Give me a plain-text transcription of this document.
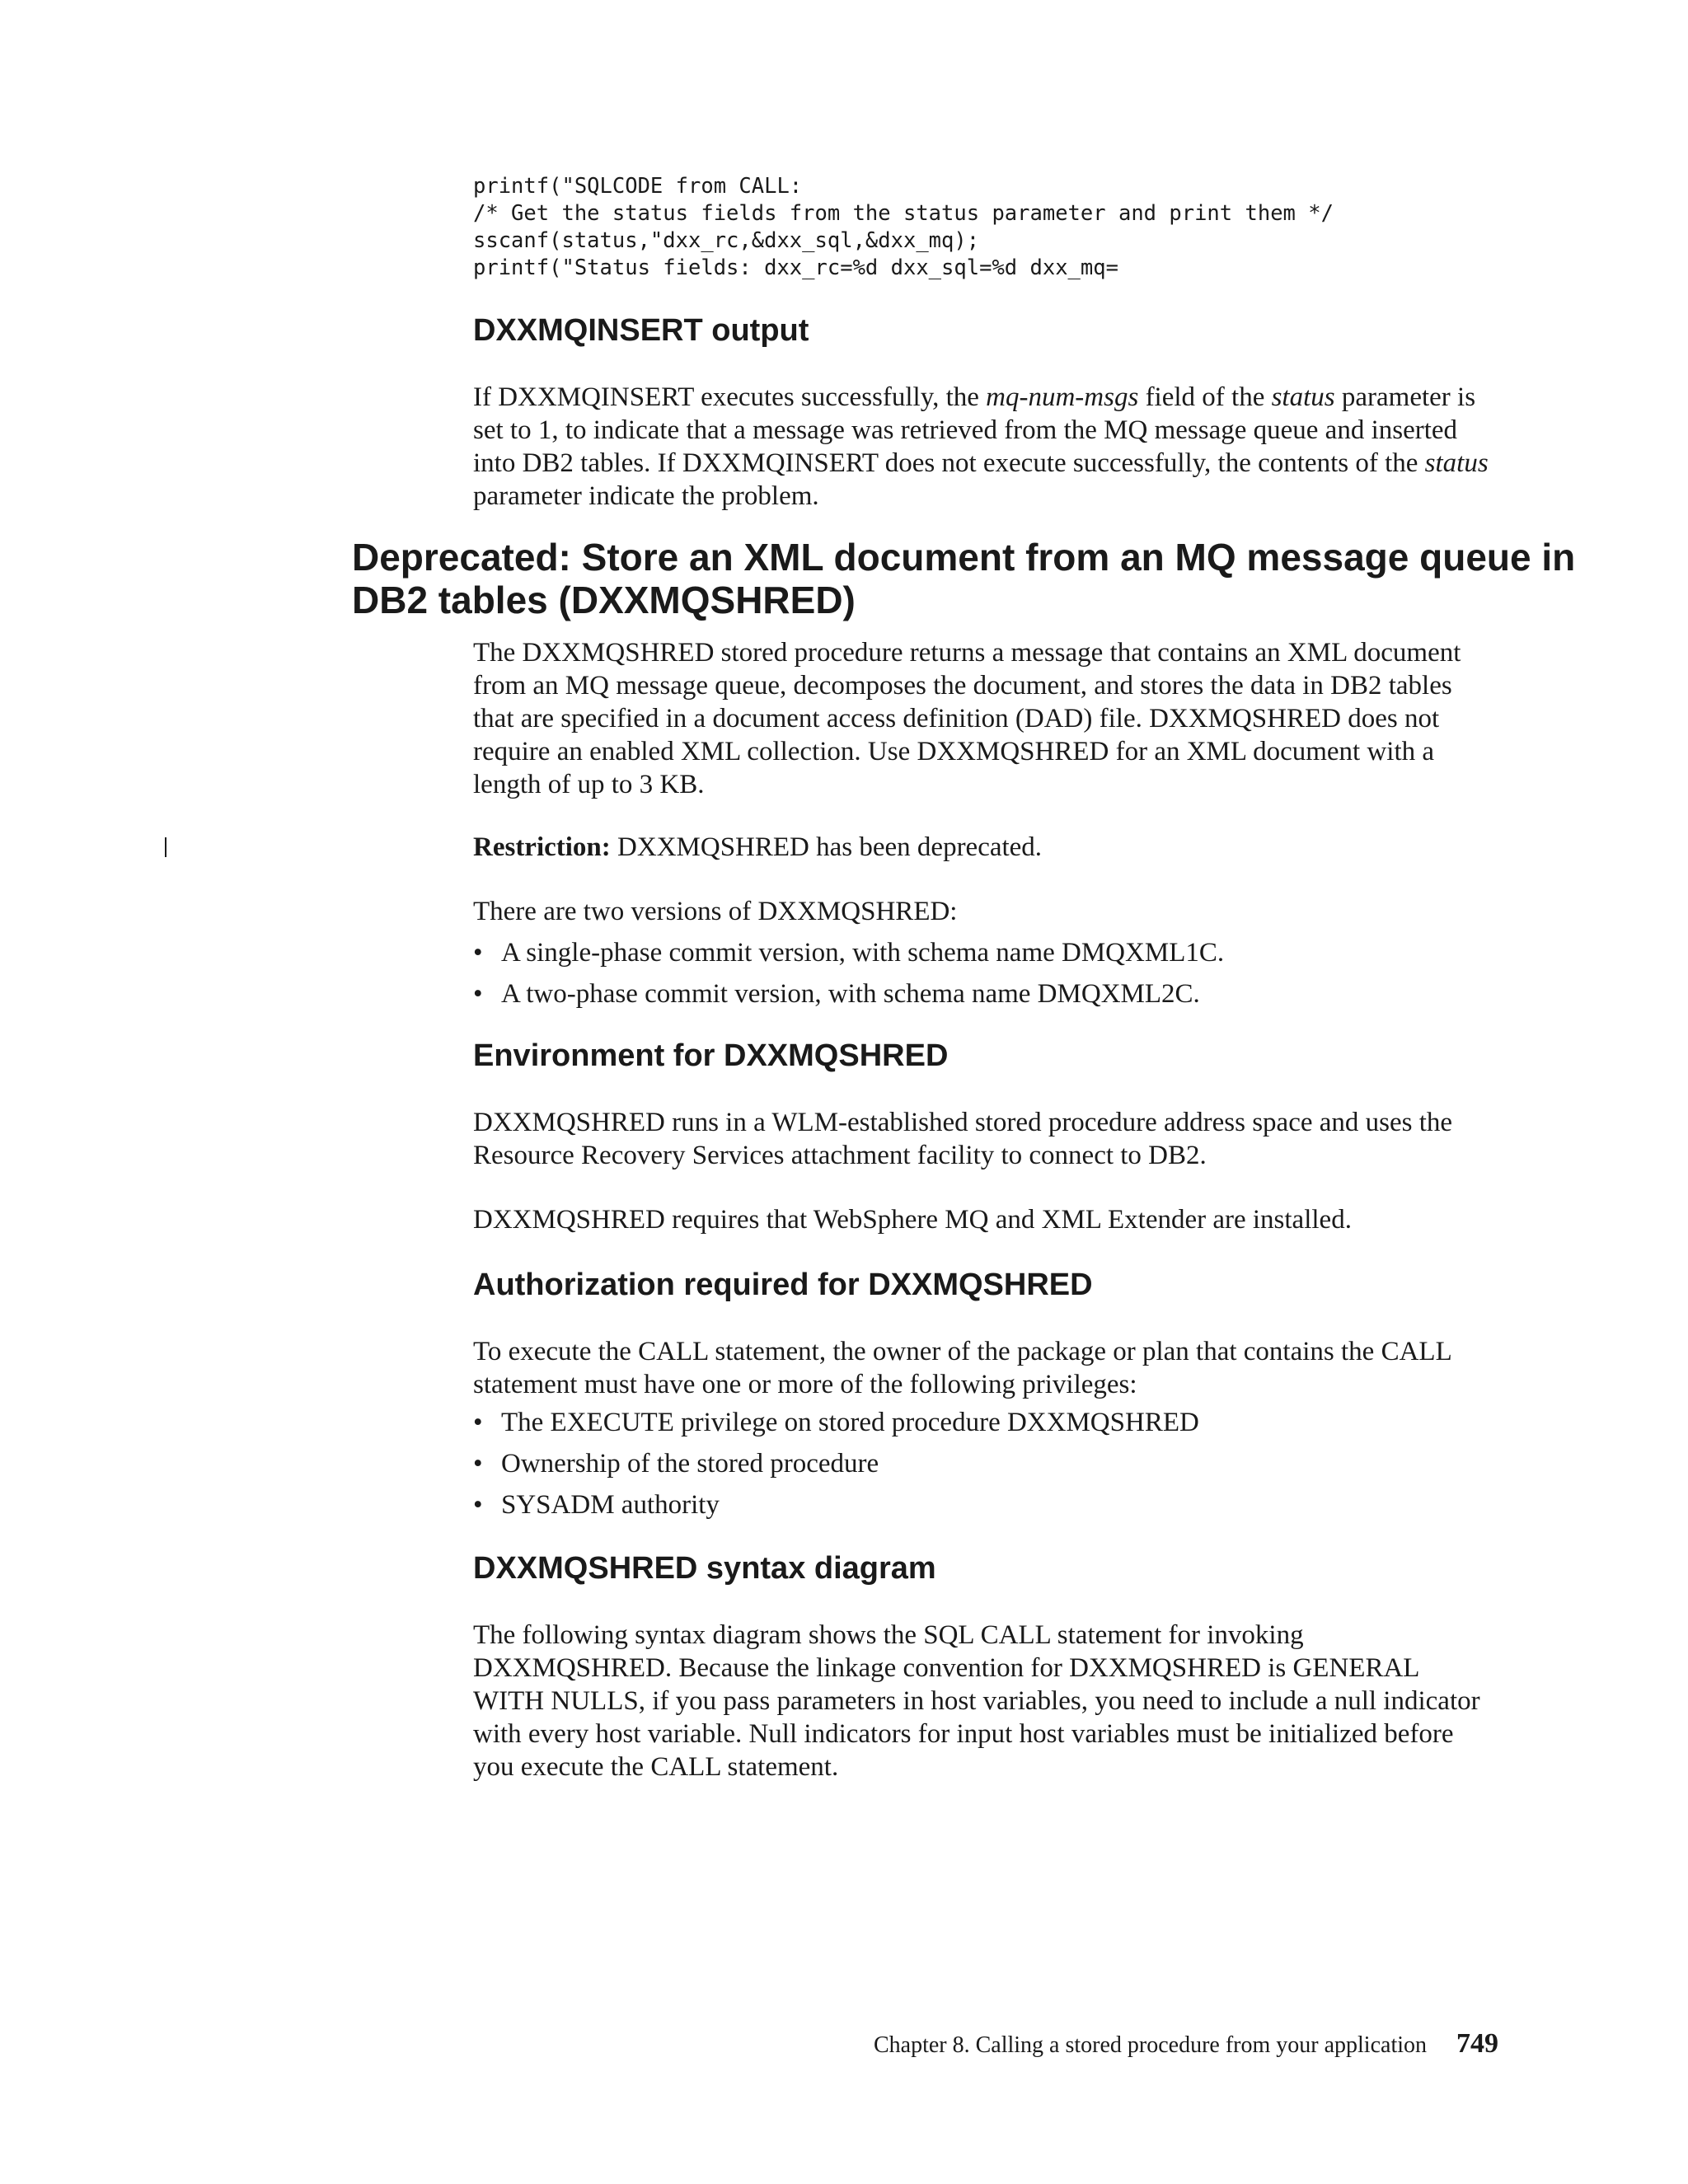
printf("SQLCODE from CALL:
/* Get the status fields from the status parameter and print them */
sscanf(status,"dxx_rc,&dxx_sql,&dxx_mq);
printf("Status fields: dxx_rc=%d dxx_sql=%d dxx_mq=
DXXMQINSERT output

If DXXMQINSERT executes successfully, the mq-num-msgs field of the status parameter is set to 1, to indicate that a message was retrieved from the MQ message queue and inserted into DB2 tables. If DXXMQINSERT does not execute successfully, the contents of the status parameter indicate the problem.

Deprecated: Store an XML document from an MQ message queue in DB2 tables (DXXMQSHRED)

The DXXMQSHRED stored procedure returns a message that contains an XML document from an MQ message queue, decomposes the document, and stores the data in DB2 tables that are specified in a document access definition (DAD) file. DXXMQSHRED does not require an enabled XML collection. Use DXXMQSHRED for an XML document with a length of up to 3 KB.

Restriction: DXXMQSHRED has been deprecated.

There are two versions of DXXMQSHRED:

• A single-phase commit version, with schema name DMQXML1C.
• A two-phase commit version, with schema name DMQXML2C.
Environment for DXXMQSHRED

DXXMQSHRED runs in a WLM-established stored procedure address space and uses the Resource Recovery Services attachment facility to connect to DB2.

DXXMQSHRED requires that WebSphere MQ and XML Extender are installed.

Authorization required for DXXMQSHRED

To execute the CALL statement, the owner of the package or plan that contains the CALL statement must have one or more of the following privileges:

• The EXECUTE privilege on stored procedure DXXMQSHRED
• Ownership of the stored procedure
• SYSADM authority
DXXMQSHRED syntax diagram

The following syntax diagram shows the SQL CALL statement for invoking DXXMQSHRED. Because the linkage convention for DXXMQSHRED is GENERAL WITH NULLS, if you pass parameters in host variables, you need to include a null indicator with every host variable. Null indicators for input host variables must be initialized before you execute the CALL statement.

Chapter 8. Calling a stored procedure from your application 749
